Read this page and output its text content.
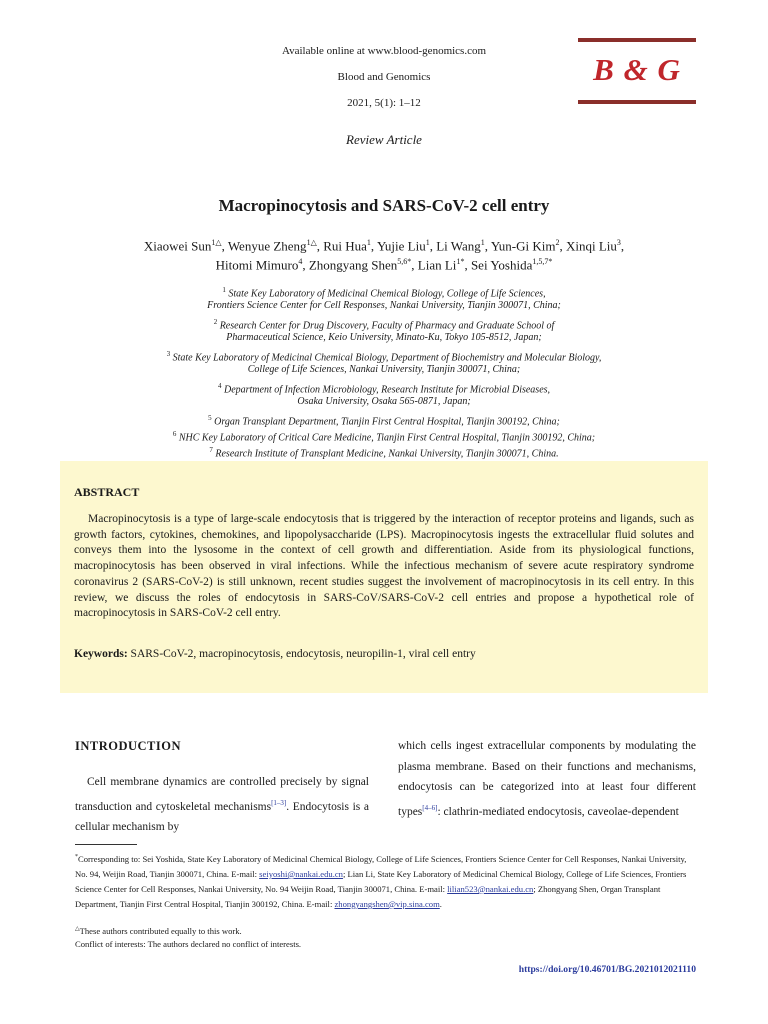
Available online at www.blood-genomics.com
Blood and Genomics
2021, 5(1): 1–12
B & G
Review Article
Macropinocytosis and SARS-CoV-2 cell entry
Xiaowei Sun$^{1\triangle}$, Wenyue Zheng$^{1\triangle}$, Rui Hua$^1$, Yujie Liu$^1$, Li Wang$^1$, Yun-Gi Kim$^2$, Xinqi Liu$^3$,
Hitomi Mimuro$^4$, Zhongyang Shen$^{5,6*}$, Lian $Li^{1*}$, Sei Yoshida$^{1,5,7*}$
$^1$ State Key Laboratory of Medicinal Chemical Biology, College of Life Sciences,
Frontiers Science Center for Cell Responses, Nankai University, Tianjin 300071, China;
$^2$ Research Center for Drug Discovery, Faculty of Pharmacy and Graduate School of
Pharmaceutical Science, Keio University, Minato-Ku, Tokyo 105-8512, Japan;
$^3$ State Key Laboratory of Medicinal Chemical Biology, Department of Biochemistry and Molecular Biology,
College of Life Sciences, Nankai University, Tianjin 300071, China;
$^4$ Department of Infection Microbiology, Research Institute for Microbial Diseases,
Osaka University, Osaka 565-0871, Japan;
$^5$ Organ Transplant Department, Tianjin First Central Hospital, Tianjin 300192, China;
$^6$ NHC Key Laboratory of Critical Care Medicine, Tianjin First Central Hospital, Tianjin 300192, China;
$^7$ Research Institute of Transplant Medicine, Nankai University, Tianjin 300071, China.
ABSTRACT
Macropinocytosis is a type of large-scale endocytosis that is triggered by the interaction of receptor proteins and ligands, such as growth factors, cytokines, chemokines, and lipopolysaccharide (LPS). Macropinocytosis ingests the extracellular fluid solutes and conveys them into the lysosome in the context of cell growth and differentiation. Aside from its physiological functions, macropinocytosis has been observed in viral infections. While the infectious mechanism of severe acute respiratory syndrome coronavirus 2 (SARS-CoV-2) is still unknown, recent studies suggest the involvement of macropinocytosis in its cell entry. In this review, we discuss the roles of endocytosis in SARS-CoV/SARS-CoV-2 cell entries and propose a hypothetical role of macropinocytosis in SARS-CoV-2 cell entry.
Keywords: SARS-CoV-2, macropinocytosis, endocytosis, neuropilin-1, viral cell entry
INTRODUCTION
Cell membrane dynamics are controlled precisely by signal transduction and cytoskeletal mechanisms[1–3]. Endocytosis is a cellular mechanism by
which cells ingest extracellular components by modulating the plasma membrane. Based on their functions and mechanisms, endocytosis can be categorized into at least four different types[4–6]: clathrin-mediated endocytosis, caveolae-dependent
*Corresponding to: Sei Yoshida, State Key Laboratory of Medicinal Chemical Biology, College of Life Sciences, Frontiers Science Center for Cell Responses, Nankai University, No. 94, Weijin Road, Tianjin 300071, China. E-mail: seiyoshi@nankai.edu.cn; Lian Li, State Key Laboratory of Medicinal Chemical Biology, College of Life Sciences, Frontiers Science Center for Cell Responses, Nankai University, No. 94 Weijin Road, Tianjin 300071, China. E-mail: lilian523@nankai.edu.cn; Zhongyang Shen, Organ Transplant Department, Tianjin First Central Hospital, Tianjin 300192, China. E-mail: zhongyangshen@vip.sina.com.
△These authors contributed equally to this work.
Conflict of interests: The authors declared no conflict of interests.
https://doi.org/10.46701/BG.2021012021110
